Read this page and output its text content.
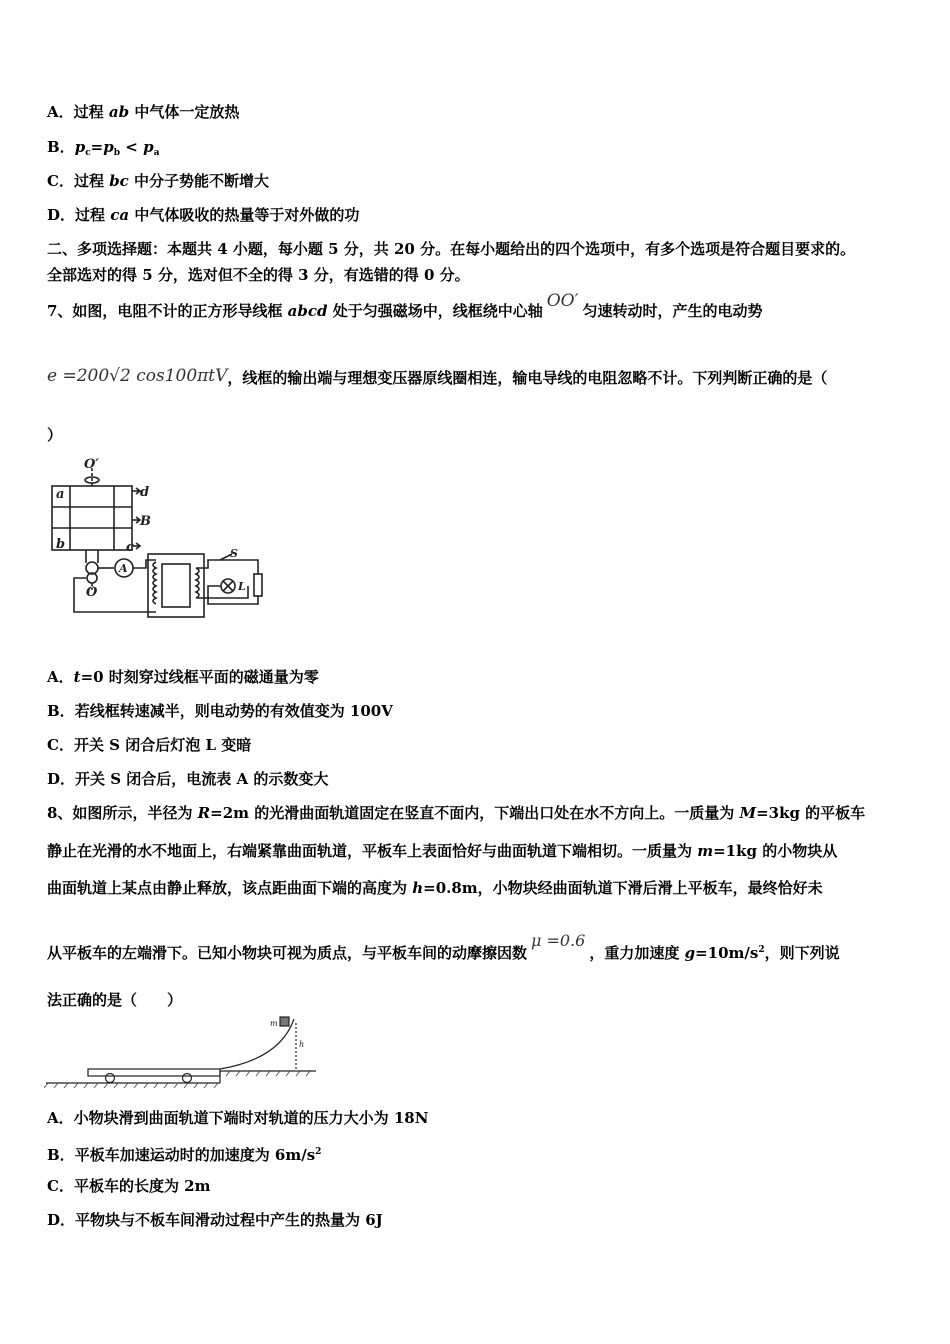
A．过程 ab 中气体一定放热
B．$p_c=p_b < p_a$
C．过程 bc 中分子势能不断增大
D．过程 ca 中气体吸收的热量等于对外做的功
二、多项选择题：本题共 4 小题，每小题 5 分，共 20 分。在每小题给出的四个选项中，有多个选项是符合题目要求的。
全部选对的得 5 分，选对但不全的得 3 分，有选错的得 0 分。
7、如图，电阻不计的正方形导线框 abcd 处于匀强磁场中，线框绕中心轴 OO′ 匀速转动时，产生的电动势
e =200√2 cos100πtV，线框的输出端与理想变压器原线圈相连，输电导线的电阻忽略不计。下列判断正确的是（
）
O′
a	d
B
b	c
O
A
S
L
A．t=0 时刻穿过线框平面的磁通量为零
B．若线框转速减半，则电动势的有效值变为 100V
C．开关 S 闭合后灯泡 L 变暗
D．开关 S 闭合后，电流表 A 的示数变大
8、如图所示，半径为 R=2m 的光滑曲面轨道固定在竖直不面内，下端出口处在水不方向上。一质量为 M=3kg 的平板车
静止在光滑的水不地面上，右端紧靠曲面轨道，平板车上表面恰好与曲面轨道下端相切。一质量为 m=1kg 的小物块从
曲面轨道上某点由静止释放，该点距曲面下端的高度为 h=0.8m，小物块经曲面轨道下滑后滑上平板车，最终恰好未
从平板车的左端滑下。已知小物块可视为质点，与平板车间的动摩擦因数μ =0.6，重力加速度 $g=10m/s^2$，则下列说
法正确的是（　　）
m
h
A．小物块滑到曲面轨道下端时对轨道的压力大小为 18N
B．平板车加速运动时的加速度为 $6m/s^2$
C．平板车的长度为 2m
D．平物块与不板车间滑动过程中产生的热量为 6J
